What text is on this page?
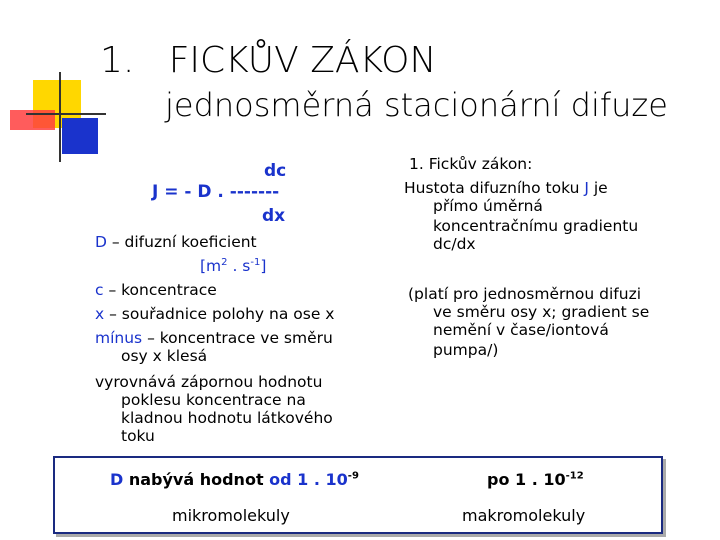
1. FICKŮV ZÁKON
jednosměrná stacionární difuze
dc
J = - D . -------
dx
D – difuzní koeficient
[$m^2$ . $s^{-1}$]
c – koncentrace
x – souřadnice polohy na ose x
mínus – koncentrace ve směru
osy x klesá
vyrovnává zápornou hodnotu
poklesu koncentrace na
kladnou hodnotu látkového
toku
1. Fickův zákon:
Hustota difuzního toku J je
přímo úměrná
koncentračnímu gradientu
dc/dx
(platí pro jednosměrnou difuzi
ve směru osy x; gradient se
nemění v čase/iontová
pumpa/)
D nabývá hodnot od 1 . $10^{-9}$	po 1 . $10^{-12}$
mikromolekuly	makromolekuly
